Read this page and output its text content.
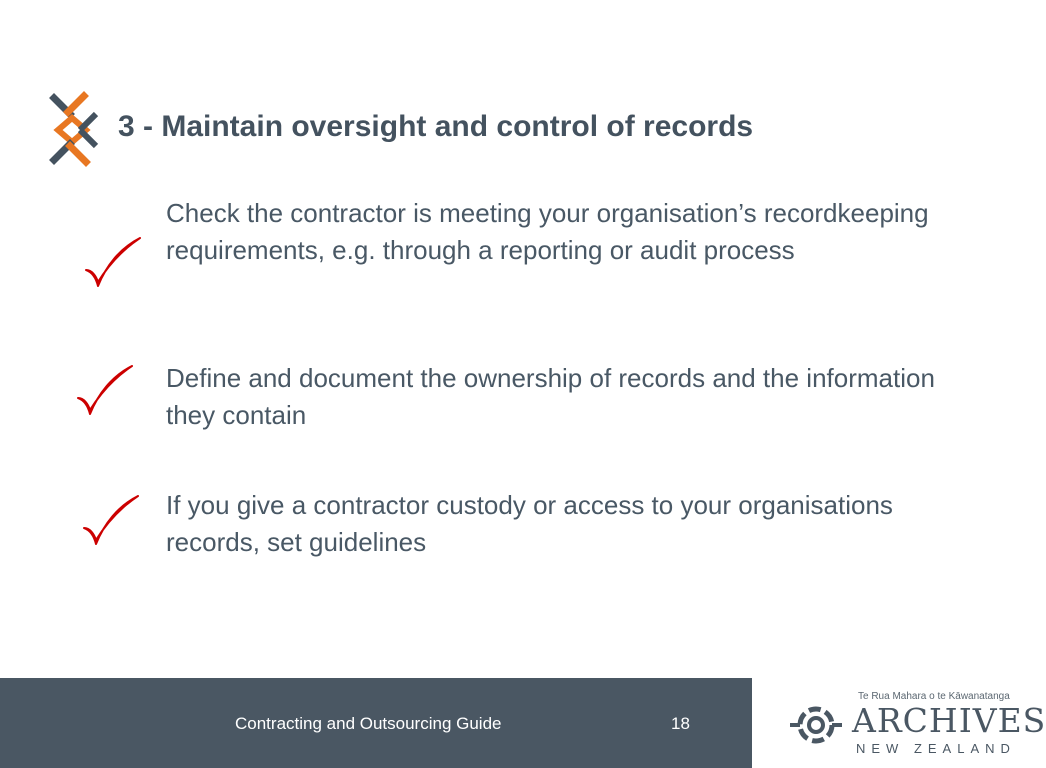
3 - Maintain oversight and control of records
Check the contractor is meeting your organisation’s recordkeeping requirements, e.g. through a reporting or audit process
Define and document the ownership of records and the information they contain
If you give a contractor custody or access to your organisations records, set guidelines
Contracting and Outsourcing Guide	18
Te Rua Mahara o te Kāwanatanga
ARCHIVES
NEW ZEALAND
